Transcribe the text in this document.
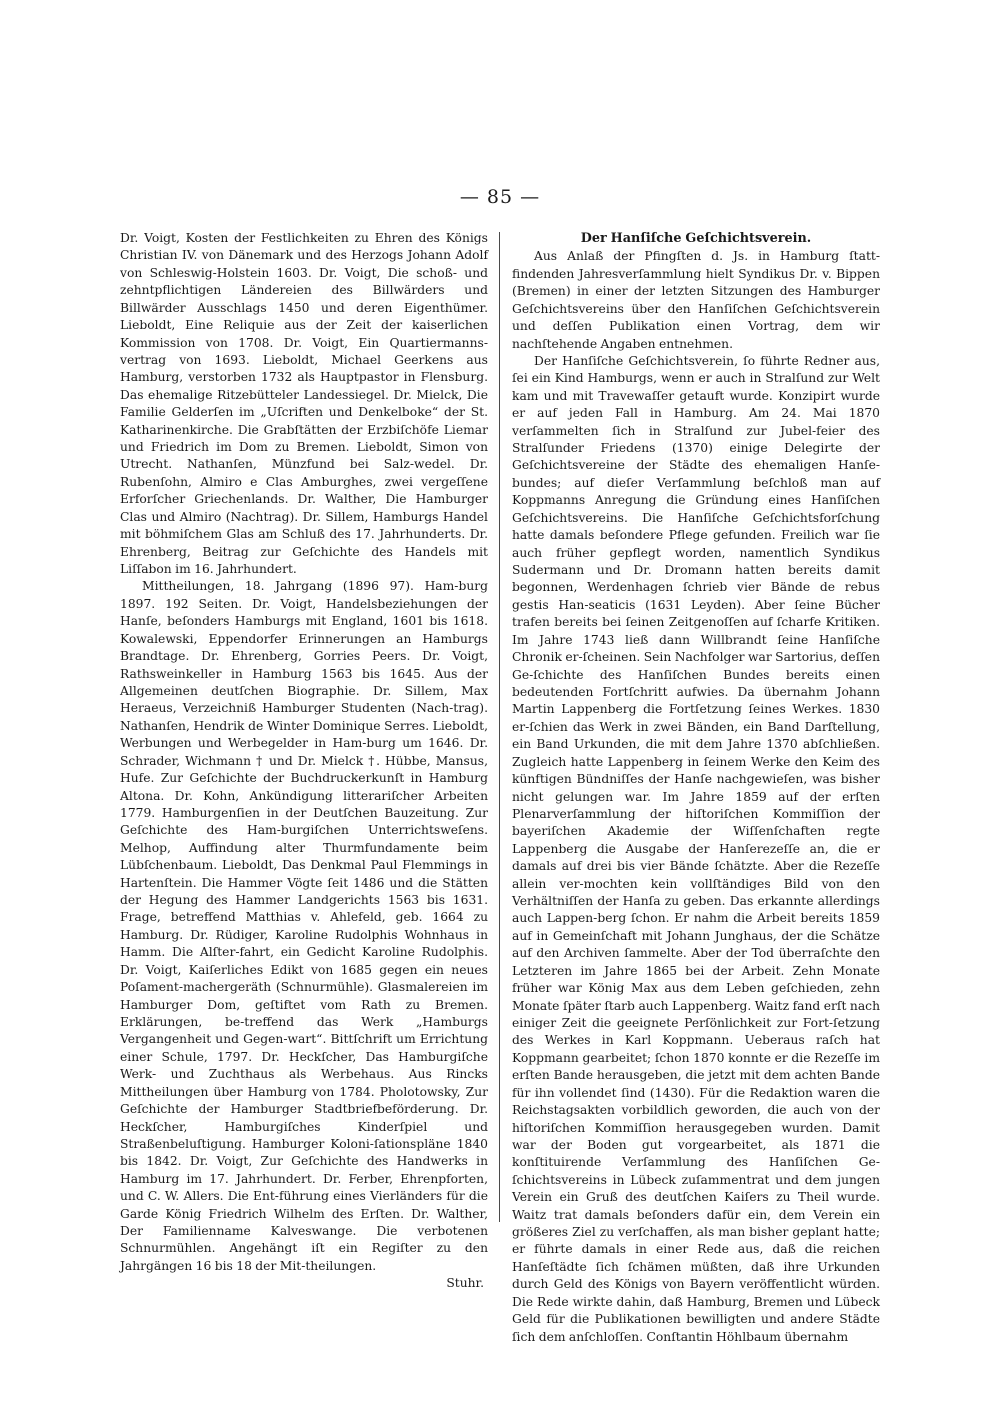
— 85 —

Dr. Voigt, Kosten der Festlichkeiten zu Ehren des Königs Christian IV. von Dänemark und des Herzogs Johann Adolf von Schleswig-Holstein 1603. Dr. Voigt, Die schoß- und zehntpflichtigen Ländereien des Billwärders und Billwärder Ausschlags 1450 und deren Eigenthümer. Lieboldt, Eine Reliquie aus der Zeit der kaiserlichen Kommission von 1708. Dr. Voigt, Ein Quartiermanns-vertrag von 1693. Lieboldt, Michael Geerkens aus Hamburg, verstorben 1732 als Hauptpastor in Flensburg. Das ehemalige Ritzebütteler Landessiegel. Dr. Mielck, Die Familie Gelderſen im „Uſcriften und Denkelboke“ der St. Katharinenkirche. Die Grabſtätten der Erzbiſchöfe Liemar und Friedrich im Dom zu Bremen. Lieboldt, Simon von Utrecht. Nathanſen, Münzfund bei Salz-wedel. Dr. Rubenſohn, Almiro e Clas Amburghes, zwei vergeſſene Erforſcher Griechenlands. Dr. Walther, Die Hamburger Clas und Almiro (Nachtrag). Dr. Sillem, Hamburgs Handel mit böhmiſchem Glas am Schluß des 17. Jahrhunderts. Dr. Ehrenberg, Beitrag zur Geſchichte des Handels mit Liſſabon im 16. Jahrhundert.

Mittheilungen, 18. Jahrgang (1896 97). Ham-burg 1897. 192 Seiten. Dr. Voigt, Handelsbeziehungen der Hanſe, beſonders Hamburgs mit England, 1601 bis 1618. Kowalewski, Eppendorfer Erinnerungen an Hamburgs Brandtage. Dr. Ehrenberg, Gorries Peers. Dr. Voigt, Rathsweinkeller in Hamburg 1563 bis 1645. Aus der Allgemeinen deutſchen Biographie. Dr. Sillem, Max Heraeus, Verzeichniß Hamburger Studenten (Nach-trag). Nathanſen, Hendrik de Winter Dominique Serres. Lieboldt, Werbungen und Werbegelder in Ham-burg um 1646. Dr. Schrader, Wichmann † und Dr. Mielck †. Hübbe, Mansus, Hufe. Zur Geſchichte der Buchdruckerkunſt in Hamburg Altona. Dr. Kohn, Ankündigung litterariſcher Arbeiten 1779. Hamburgenſien in der Deutſchen Bauzeitung. Zur Geſchichte des Ham-burgiſchen Unterrichtsweſens. Melhop, Auffindung alter Thurmfundamente beim Lübſchenbaum. Lieboldt, Das Denkmal Paul Flemmings in Hartenſtein. Die Hammer Vögte ſeit 1486 und die Stätten der Hegung des Hammer Landgerichts 1563 bis 1631. Frage, betreffend Matthias v. Ahlefeld, geb. 1664 zu Hamburg. Dr. Rüdiger, Karoline Rudolphis Wohnhaus in Hamm. Die Alſter-fahrt, ein Gedicht Karoline Rudolphis. Dr. Voigt, Kaiſerliches Edikt von 1685 gegen ein neues Poſament-machergeräth (Schnurmühle). Glasmalereien im Hamburger Dom, geſtiftet vom Rath zu Bremen. Erklärungen, be-treffend das Werk „Hamburgs Vergangenheit und Gegen-wart“. Bittſchrift um Errichtung einer Schule, 1797. Dr. Heckſcher, Das Hamburgiſche Werk- und Zuchthaus als Werbehaus. Aus Rincks Mittheilungen über Hamburg von 1784. Pholotowsky, Zur Geſchichte der Hamburger Stadtbriefbeförderung. Dr. Heckſcher, Hamburgiſches Kinderſpiel und Straßenbeluſtigung. Hamburger Koloni-ſationspläne 1840 bis 1842. Dr. Voigt, Zur Geſchichte des Handwerks in Hamburg im 17. Jahrhundert. Dr. Ferber, Ehrenpforten, und C. W. Allers. Die Ent-führung eines Vierländers für die Garde König Friedrich Wilhelm des Erſten. Dr. Walther, Der Familiennamе Kalveswange. Die verbotenen Schnurmühlen. Angehängt iſt ein Regiſter zu den Jahrgängen 16 bis 18 der Mit-theilungen.

Stuhr.

Der Hanſiſche Geſchichtsverein.

Aus Anlaß der Pfingſten d. Js. in Hamburg ſtatt-findenden Jahresverſammlung hielt Syndikus Dr. v. Bippen (Bremen) in einer der letzten Sitzungen des Hamburger Geſchichtsvereins über den Hanſiſchen Geſchichtsverein und deſſen Publikation einen Vortrag, dem wir nachſtehende Angaben entnehmen.

Der Hanſiſche Geſchichtsverein, ſo führte Redner aus, ſei ein Kind Hamburgs, wenn er auch in Stralſund zur Welt kam und mit Travewaſſer getauft wurde. Konzipirt wurde er auf jeden Fall in Hamburg. Am 24. Mai 1870 verſammelten ſich in Stralſund zur Jubel-feier des Stralſunder Friedens (1370) einige Delegirte der Geſchichtsvereine der Städte des ehemaligen Hanſe-bundes; auf dieſer Verſammlung beſchloß man auf Koppmanns Anregung die Gründung eines Hanſiſchen Geſchichtsvereins. Die Hanſiſche Geſchichtsforſchung hatte damals beſondere Pflege gefunden. Freilich war ſie auch früher gepflegt worden, namentlich Syndikus Sudermann und Dr. Dromann hatten bereits damit begonnen, Werdenhagen ſchrieb vier Bände de rebus gestis Han-seaticis (1631 Leyden). Aber ſeine Bücher trafen bereits bei ſeinen Zeitgenoſſen auf ſcharfe Kritiken. Im Jahre 1743 ließ dann Willbrandt ſeine Hanſiſche Chronik er-ſcheinen. Sein Nachfolger war Sartorius, deſſen Ge-ſchichte des Hanſiſchen Bundes bereits einen bedeutenden Fortſchritt aufwies. Da übernahm Johann Martin Lappenberg die Fortſetzung ſeines Werkes. 1830 er-ſchien das Werk in zwei Bänden, ein Band Darſtellung, ein Band Urkunden, die mit dem Jahre 1370 abſchließen. Zugleich hatte Lappenberg in ſeinem Werke den Keim des künftigen Bündniſſes der Hanſe nachgewieſen, was bisher nicht gelungen war. Im Jahre 1859 auf der erſten Plenarverſammlung der hiſtoriſchen Kommiſſion der bayeriſchen Akademie der Wiſſenſchaften regte Lappenberg die Ausgabe der Hanſerezeſſe an, die er damals auf drei bis vier Bände ſchätzte. Aber die Rezeſſe allein ver-mochten kein vollſtändiges Bild von den Verhältniſſen der Hanſa zu geben. Das erkannte allerdings auch Lappen-berg ſchon. Er nahm die Arbeit bereits 1859 auf in Gemeinſchaft mit Johann Junghaus, der die Schätze auf den Archiven ſammelte. Aber der Tod überraſchte den Letzteren im Jahre 1865 bei der Arbeit. Zehn Monate früher war König Max aus dem Leben geſchieden, zehn Monate ſpäter ſtarb auch Lappenberg. Waitz fand erſt nach einiger Zeit die geeignete Perſönlichkeit zur Fort-ſetzung des Werkes in Karl Koppmann. Ueberaus raſch hat Koppmann gearbeitet; ſchon 1870 konnte er die Rezeſſe im erſten Bande herausgeben, die jetzt mit dem achten Bande für ihn vollendet ſind (1430). Für die Redaktion waren die Reichstagsakten vorbildlich geworden, die auch von der hiſtoriſchen Kommiſſion herausgegeben wurden. Damit war der Boden gut vorgearbeitet, als 1871 die konſtituirende Verſammlung des Hanſiſchen Ge-ſchichtsvereins in Lübeck zuſammentrat und dem jungen Verein ein Gruß des deutſchen Kaiſers zu Theil wurde. Waitz trat damals beſonders dafür ein, dem Verein ein größeres Ziel zu verſchaffen, als man bisher geplant hatte; er führte damals in einer Rede aus, daß die reichen Hanſeſtädte ſich ſchämen müßten, daß ihre Urkunden durch Geld des Königs von Bayern veröffentlicht würden. Die Rede wirkte dahin, daß Hamburg, Bremen und Lübeck Geld für die Publikationen bewilligten und andere Städte ſich dem anſchloſſen. Conſtantin Höhlbaum übernahm
